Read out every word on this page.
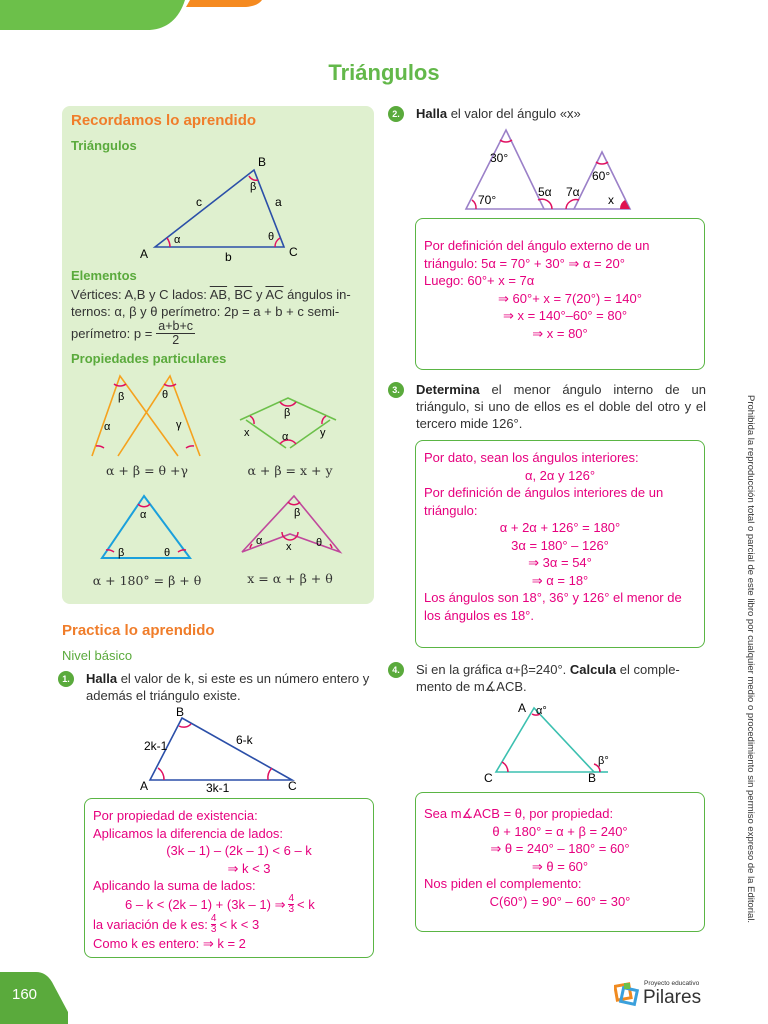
Triángulos
Recordamos lo aprendido
Triángulos
A
B
C
a
b
c
α
β
θ
Elementos
Vértices: A,B y C lados: $\overline{AB}$, $\overline{BC}$ y $\overline{AC}$ ángulos in-
ternos: α, β y θ perímetro: 2p = a + b + c semi-
perímetro: $p = \frac{a+b+c}{2}$
Propiedades particulares
β	θ
α	γ
β
x	y
α
α + β = θ +γ	α + β = x + y
α
β	θ
β
α x θ
α + 180° = β + θ	x = α + β + θ
Practica lo aprendido
Nivel básico
1.	Halla el valor de k, si este es un número entero y además el triángulo existe.
A
B
C
2k-1	6-k
3k-1
Por propiedad de existencia:
Aplicamos la diferencia de lados:
(3k – 1) – (2k – 1) < 6 – k
⇒ k < 3
Aplicando la suma de lados:
6 – k < (2k – 1) + (3k – 1) ⇒ 4
3 < k
la variación de k es: 4
3 < k < 3
Como k es entero: ⇒ k = 2
2.	Halla el valor del ángulo «x»
30°
70°
5α 7α
60°
x
Por definición del ángulo externo de un triángulo: 5α = 70° + 30° ⇒ α = 20°
Luego: 60°+ x = 7α
⇒ 60°+ x = 7(20°) = 140°
⇒ x = 140°–60° = 80°
⇒ x = 80°
3.	Determina el menor ángulo interno de un triángulo, si uno de ellos es el doble del otro y el tercero mide 126°.
Por dato, sean los ángulos interiores:
α, 2α y 126°
Por definición de ángulos interiores de un triángulo:
α + 2α + 126° = 180°
3α = 180° – 126°
⇒ 3α = 54°
⇒ α = 18°
Los ángulos son 18°, 36° y 126° el menor de los ángulos es 18°.
4.	Si en la gráfica α+β=240°. Calcula el comple-mento de m∡ACB.
A α°
C	B
β°
Sea m∡ACB = θ, por propiedad:
θ + 180° = α + β = 240°
⇒ θ = 240° – 180° = 60°
⇒ θ = 60°
Nos piden el complemento:
C(60°) = 90° – 60° = 30°	Prohibida la reproducción total o parcial de este libro por cualquier medio o procedimiento sin permiso expreso de la Editorial.
160
Proyecto educativo
Pilares
